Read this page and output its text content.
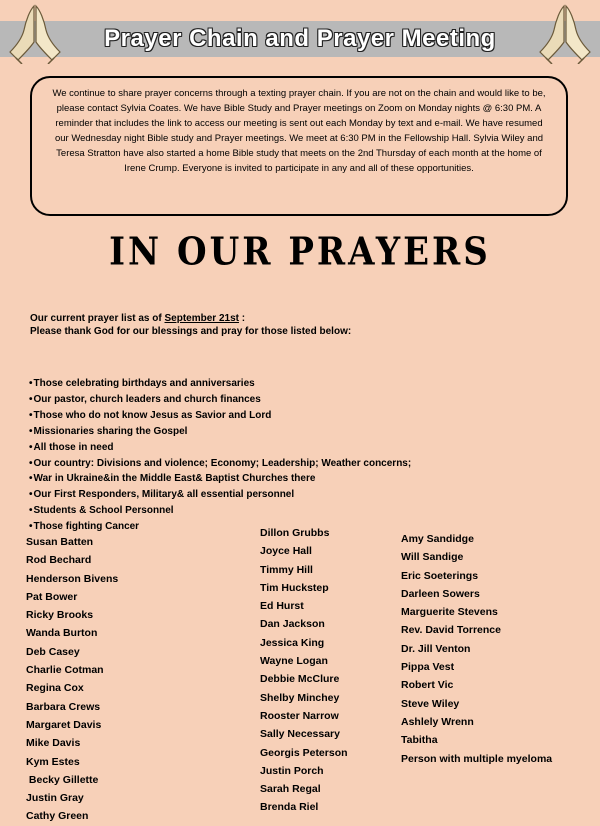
Prayer Chain and Prayer Meeting
We continue to share prayer concerns through a texting prayer chain. If you are not on the chain and would like to be, please contact Sylvia Coates. We have Bible Study and Prayer meetings on Zoom on Monday nights @ 6:30 PM. A reminder that includes the link to access our meeting is sent out each Monday by text and e-mail. We have resumed our Wednesday night Bible study and Prayer meetings. We meet at 6:30 PM in the Fellowship Hall. Sylvia Wiley and Teresa Stratton have also started a home Bible study that meets on the 2nd Thursday of each month at the home of Irene Crump. Everyone is invited to participate in any and all of these opportunities.
IN OUR PRAYERS
Our current prayer list as of September 21st :
Please thank God for our blessings and pray for those listed below:
• Those celebrating birthdays and anniversaries
• Our pastor, church leaders and church finances
• Those who do not know Jesus as Savior and Lord
• Missionaries sharing the Gospel
• All those in need
• Our country: Divisions and violence; Economy; Leadership; Weather concerns;
• War in Ukraine&in the Middle East& Baptist Churches there
• Our First Responders, Military& all essential personnel
• Students & School Personnel
• Those fighting Cancer
Susan Batten
Rod Bechard
Henderson Bivens
Pat Bower
Ricky Brooks
Wanda Burton
Deb Casey
Charlie Cotman
Regina Cox
Barbara Crews
Margaret Davis
Mike Davis
Kym Estes
Becky Gillette
Justin Gray
Cathy Green
Dillon Grubbs
Joyce Hall
Timmy Hill
Tim Huckstep
Ed Hurst
Dan Jackson
Jessica King
Wayne Logan
Debbie McClure
Shelby Minchey
Rooster Narrow
Sally Necessary
Georgis Peterson
Justin Porch
Sarah Regal
Brenda Riel
Amy Sandidge
Will Sandige
Eric Soeterings
Darleen Sowers
Marguerite Stevens
Rev. David Torrence
Dr. Jill Venton
Pippa Vest
Robert Vic
Steve Wiley
Ashlely Wrenn
Tabitha
Person with multiple myeloma
